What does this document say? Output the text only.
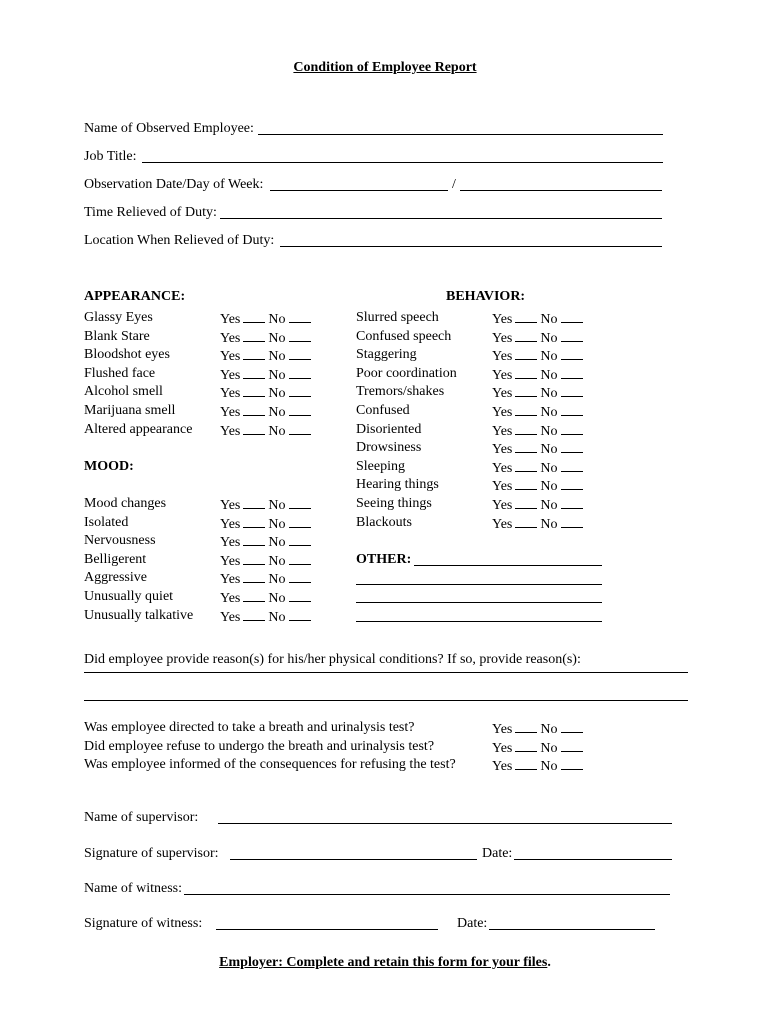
Condition of Employee Report
Name of Observed Employee:
Job Title:
Observation Date/Day of Week:	/
Time Relieved of Duty:
Location When Relieved of Duty:
APPEARANCE:	BEHAVIOR:
Glassy Eyes	Yes No
Blank Stare	Yes No
Bloodshot eyes	Yes No
Flushed face	Yes No
Alcohol smell	Yes No
Marijuana smell	Yes No
Altered appearance Yes No
MOOD:
Mood changes	Yes No
Isolated	Yes No
Nervousness	Yes No
Belligerent	Yes No
Aggressive	Yes No
Unusually quiet	Yes No
Unusually talkative Yes No
Slurred speech	Yes No
Confused speech	Yes No
Staggering	Yes No
Poor coordination	Yes No
Tremors/shakes	Yes No
Confused	Yes No
Disoriented	Yes No
Drowsiness	Yes No
Sleeping	Yes No
Hearing things	Yes No
Seeing things	Yes No
Blackouts	Yes No
OTHER:
Did employee provide reason(s) for his/her physical conditions? If so, provide reason(s):
Was employee directed to take a breath and urinalysis test?	Yes No
Did employee refuse to undergo the breath and urinalysis test?	Yes No
Was employee informed of the consequences for refusing the test?	Yes No
Name of supervisor:
Signature of supervisor:	Date:
Name of witness:
Signature of witness:	Date:
Employer: Complete and retain this form for your files.
